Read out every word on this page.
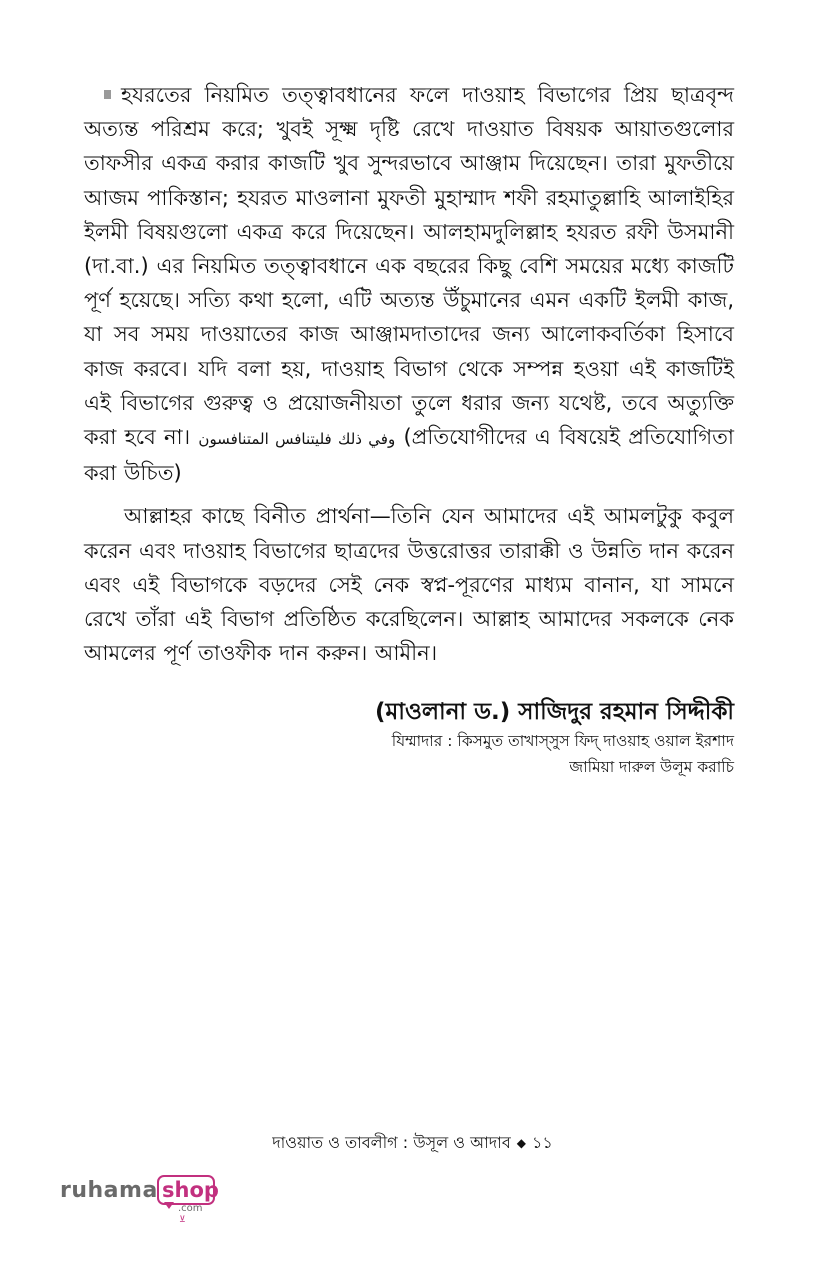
হযরতের নিয়মিত তত্ত্বাবধানের ফলে দাওয়াহ বিভাগের প্রিয় ছাত্রবৃন্দ অত্যন্ত পরিশ্রম করে; খুবই সূক্ষ্ম দৃষ্টি রেখে দাওয়াত বিষয়ক আয়াতগুলোর তাফসীর একত্র করার কাজটি খুব সুন্দরভাবে আঞ্জাম দিয়েছেন। তারা মুফতীয়ে আজম পাকিস্তান; হযরত মাওলানা মুফতী মুহাম্মাদ শফী রহমাতুল্লাহি আলাইহির ইলমী বিষয়গুলো একত্র করে দিয়েছেন। আলহামদুলিল্লাহ হযরত রফী উসমানী (দা.বা.) এর নিয়মিত তত্ত্বাবধানে এক বছরের কিছু বেশি সময়ের মধ্যে কাজটি পূর্ণ হয়েছে। সত্যি কথা হলো, এটি অত্যন্ত উঁচুমানের এমন একটি ইলমী কাজ, যা সব সময় দাওয়াতের কাজ আঞ্জামদাতাদের জন্য আলোকবর্তিকা হিসাবে কাজ করবে। যদি বলা হয়, দাওয়াহ বিভাগ থেকে সম্পন্ন হওয়া এই কাজটিই এই বিভাগের গুরুত্ব ও প্রয়োজনীয়তা তুলে ধরার জন্য যথেষ্ট, তবে অত্যুক্তি করা হবে না। وفي ذلك فليتنافس المتنافسون (প্রতিযোগীদের এ বিষয়েই প্রতিযোগিতা করা উচিত)

আল্লাহর কাছে বিনীত প্রার্থনা—তিনি যেন আমাদের এই আমলটুকু কবুল করেন এবং দাওয়াহ বিভাগের ছাত্রদের উত্তরোত্তর তারাক্কী ও উন্নতি দান করেন এবং এই বিভাগকে বড়দের সেই নেক স্বপ্ন-পূরণের মাধ্যম বানান, যা সামনে রেখে তাঁরা এই বিভাগ প্রতিষ্ঠিত করেছিলেন। আল্লাহ আমাদের সকলকে নেক আমলের পূর্ণ তাওফীক দান করুন। আমীন।

(মাওলানা ড.) সাজিদুর রহমান সিদ্দীকী
যিম্মাদার : কিসমুত তাখাস্সুস ফিদ্ দাওয়াহ ওয়াল ইরশাদ
জামিয়া দারুল উলূম করাচি
দাওয়াত ও তাবলীগ : উসূল ও আদাব ◆ ১১
ruhama shop
.com⊻
